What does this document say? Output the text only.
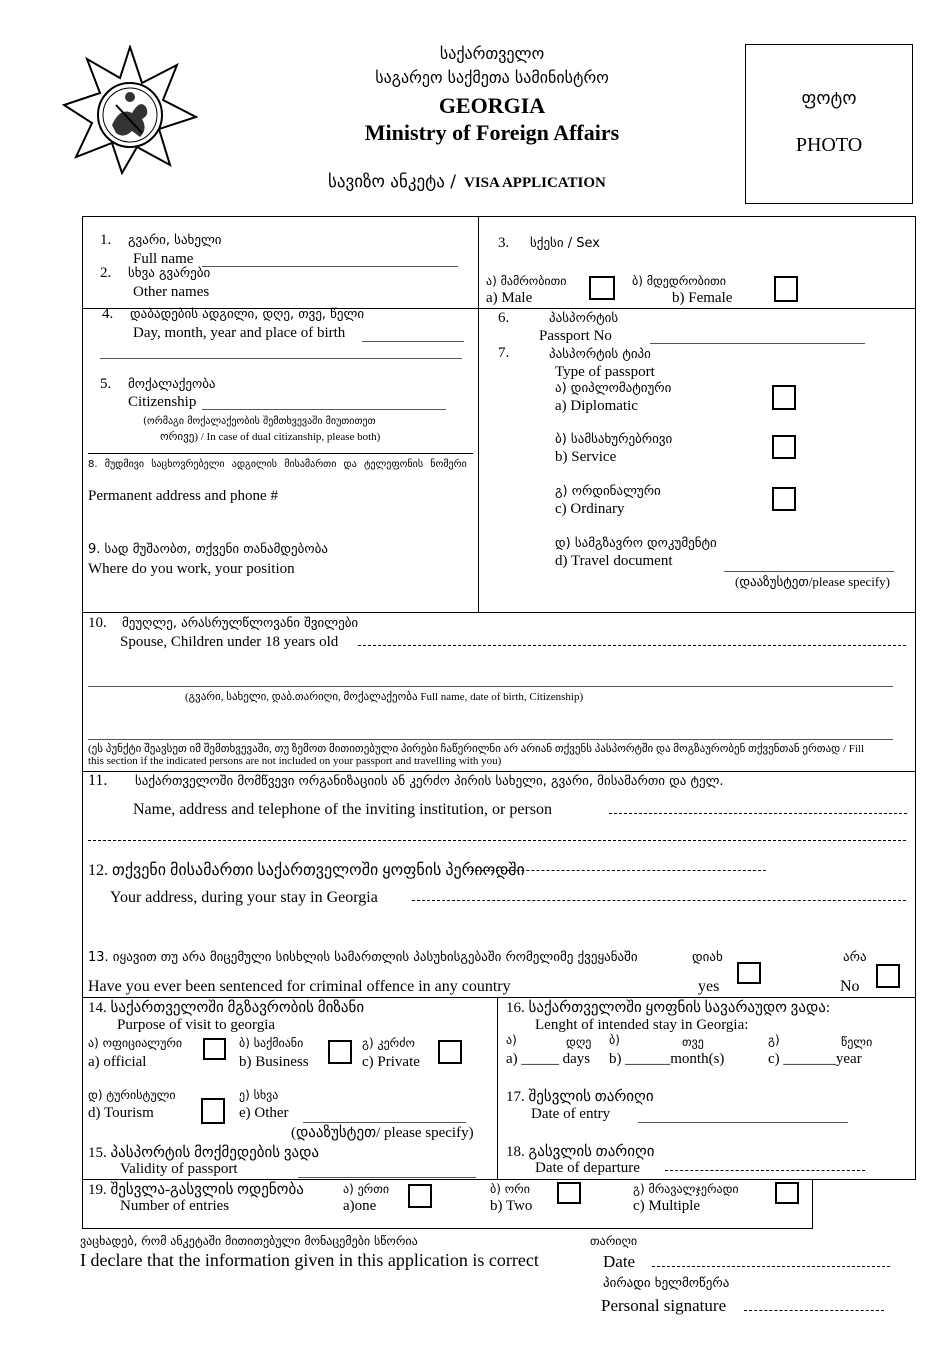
საქართველო
საგარეო საქმეთა სამინისტრო
GEORGIA
Ministry of Foreign Affairs
სავიზო ანკეტა / VISA APPLICATION
ფოტო
PHOTO
1. გვარი, სახელი
Full name
2. სხვა გვარები
Other names
3. სქესი / Sex
ა) მამრობითი
a) Male
ბ) მდედრობითი
b) Female
4. დაბადების ადგილი, დღე, თვე, წელი
Day, month, year and place of birth
5. მოქალაქეობა
Citizenship
(ორმაგი მოქალაქეობის შემთხვევაში მიუთითეთ
ორივე) / In case of dual citizanship, please both)
6.	პასპორტის
Passport No
7.	პასპორტის ტიპი
Type of passport
ა) დიპლომატიური
a) Diplomatic
ბ) სამსახურებრივი
b) Service
გ) ორდინალური
c) Ordinary
დ) სამგზავრო დოკუმენტი
d) Travel document
(დააზუსტეთ/please specify)
8. მუდმივი საცხოვრებელი ადგილის მისამართი და ტელეფონის ნომერი
Permanent address and phone #
9. სად მუშაობთ, თქვენი თანამდებობა
Where do you work, your position
10. მეუღლე, არასრულწლოვანი შვილები
Spouse, Children under 18 years old
(გვარი, სახელი, დაბ.თარიღი, მოქალაქეობა Full name, date of birth, Citizenship)
(ეს პუნქტი შეავსეთ იმ შემთხვევაში, თუ ზემოთ მითითებული პირები ჩაწერილნი არ არიან თქვენს პასპორტში და მოგზაურობენ თქვენთან ერთად / Fill
this section if the indicated persons are not included on your passport and travelling with you)
11. საქართველოში მომწვევი ორგანიზაციის ან კერძო პირის სახელი, გვარი, მისამართი და ტელ.
Name, address and telephone of the inviting institution, or person
12. თქვენი მისამართი საქართველოში ყოფნის პერიოდში
Your address, during your stay in Georgia
13. იყავით თუ არა მიცემული სისხლის სამართლის პასუხისგებაში რომელიმე ქვეყანაში	დიახ	არა
Have you ever been sentenced for criminal offence in any country	yes	No
14. საქართველოში მგზავრობის მიზანი
Purpose of visit to georgia
ა) ოფიციალური
a) official
ბ) საქმიანი
b) Business
გ) კერძო
c) Private
დ) ტურისტული
d) Tourism
ე) სხვა
e) Other
(დააზუსტეთ/ please specify)
15. პასპორტის მოქმედების ვადა
Validity of passport
16. საქართველოში ყოფნის სავარაუდო ვადა:
Lenght of intended stay in Georgia:
ა)	დღე ბ)	თვე	გ)	წელი
a) _____ days b) ______month(s)	c) _______year
17. შესვლის თარიღი
Date of entry
18. გასვლის თარიღი
Date of departure
19. შესვლა-გასვლის ოდენობა
Number of entries
ა) ერთი
a)one
ბ) ორი
b) Two
გ) მრავალჯერადი
c) Multiple
ვაცხადებ, რომ ანკეტაში მითითებული მონაცემები სწორია
I declare that the information given in this application is correct
თარიღი
Date
პირადი ხელმოწერა
Personal signature
